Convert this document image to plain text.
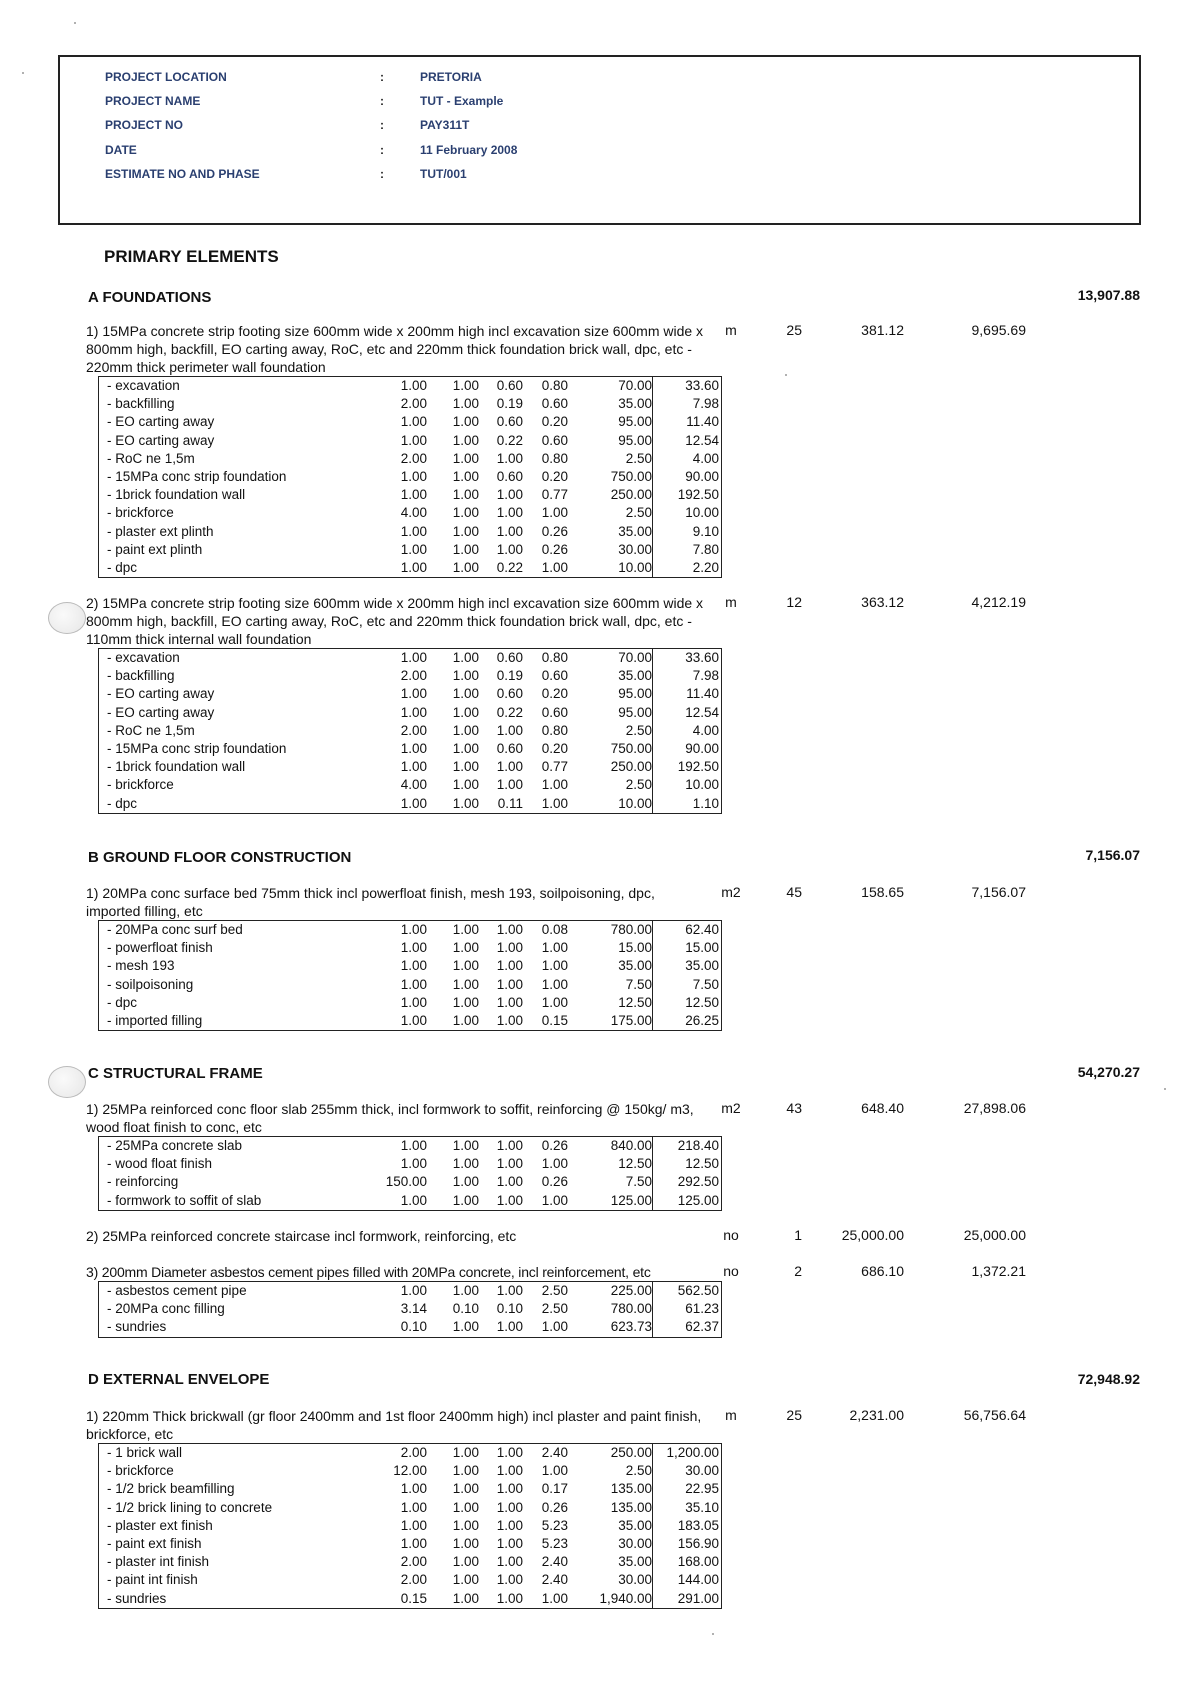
PROJECT LOCATION	:	PRETORIA
PROJECT NAME	:	TUT - Example
PROJECT NO	:	PAY311T
DATE	:	11 February 2008
ESTIMATE NO AND PHASE	:	TUT/001
PRIMARY ELEMENTS
A FOUNDATIONS	13,907.88
1) 15MPa concrete strip footing size 600mm wide x 200mm high incl excavation size 600mm wide x 800mm high, backfill, EO carting away, RoC, etc and 220mm thick foundation brick wall, dpc, etc - 220mm thick perimeter wall foundation
m	25	381.12	9,695.69
- excavation	1.00	1.00	0.60	0.80	70.00	33.60
- backfilling	2.00	1.00	0.19	0.60	35.00	7.98
- EO carting away	1.00	1.00	0.60	0.20	95.00	11.40
- EO carting away	1.00	1.00	0.22	0.60	95.00	12.54
- RoC ne 1,5m	2.00	1.00	1.00	0.80	2.50	4.00
- 15MPa conc strip foundation	1.00	1.00	0.60	0.20	750.00	90.00
- 1brick foundation wall	1.00	1.00	1.00	0.77	250.00	192.50
- brickforce	4.00	1.00	1.00	1.00	2.50	10.00
- plaster ext plinth	1.00	1.00	1.00	0.26	35.00	9.10
- paint ext plinth	1.00	1.00	1.00	0.26	30.00	7.80
- dpc	1.00	1.00	0.22	1.00	10.00	2.20
2) 15MPa concrete strip footing size 600mm wide x 200mm high incl excavation size 600mm wide x 800mm high, backfill, EO carting away, RoC, etc and 220mm thick foundation brick wall, dpc, etc - 110mm thick internal wall foundation
m	12	363.12	4,212.19
- excavation	1.00	1.00	0.60	0.80	70.00	33.60
- backfilling	2.00	1.00	0.19	0.60	35.00	7.98
- EO carting away	1.00	1.00	0.60	0.20	95.00	11.40
- EO carting away	1.00	1.00	0.22	0.60	95.00	12.54
- RoC ne 1,5m	2.00	1.00	1.00	0.80	2.50	4.00
- 15MPa conc strip foundation	1.00	1.00	0.60	0.20	750.00	90.00
- 1brick foundation wall	1.00	1.00	1.00	0.77	250.00	192.50
- brickforce	4.00	1.00	1.00	1.00	2.50	10.00
- dpc	1.00	1.00	0.11	1.00	10.00	1.10
B GROUND FLOOR CONSTRUCTION	7,156.07
1) 20MPa conc surface bed 75mm thick incl powerfloat finish, mesh 193, soilpoisoning, dpc, imported filling, etc
m2	45	158.65	7,156.07
- 20MPa conc surf bed	1.00	1.00	1.00	0.08	780.00	62.40
- powerfloat finish	1.00	1.00	1.00	1.00	15.00	15.00
- mesh 193	1.00	1.00	1.00	1.00	35.00	35.00
- soilpoisoning	1.00	1.00	1.00	1.00	7.50	7.50
- dpc	1.00	1.00	1.00	1.00	12.50	12.50
- imported filling	1.00	1.00	1.00	0.15	175.00	26.25
C STRUCTURAL FRAME	54,270.27
1) 25MPa reinforced conc floor slab 255mm thick, incl formwork to soffit, reinforcing @ 150kg/ m3, wood float finish to conc, etc
m2	43	648.40	27,898.06
- 25MPa concrete slab	1.00	1.00	1.00	0.26	840.00	218.40
- wood float finish	1.00	1.00	1.00	1.00	12.50	12.50
- reinforcing	150.00	1.00	1.00	0.26	7.50	292.50
- formwork to soffit of slab	1.00	1.00	1.00	1.00	125.00	125.00
2) 25MPa reinforced concrete staircase incl formwork, reinforcing, etc	no	1	25,000.00	25,000.00
3) 200mm Diameter asbestos cement pipes filled with 20MPa concrete, incl reinforcement, etc	no	2	686.10	1,372.21
- asbestos cement pipe	1.00	1.00	1.00	2.50	225.00	562.50
- 20MPa conc filling	3.14	0.10	0.10	2.50	780.00	61.23
- sundries	0.10	1.00	1.00	1.00	623.73	62.37
D EXTERNAL ENVELOPE	72,948.92
1) 220mm Thick brickwall (gr floor 2400mm and 1st floor 2400mm high) incl plaster and paint finish, brickforce, etc
m	25	2,231.00	56,756.64
- 1 brick wall	2.00	1.00	1.00	2.40	250.00	1,200.00
- brickforce	12.00	1.00	1.00	1.00	2.50	30.00
- 1/2 brick beamfilling	1.00	1.00	1.00	0.17	135.00	22.95
- 1/2 brick lining to concrete	1.00	1.00	1.00	0.26	135.00	35.10
- plaster ext finish	1.00	1.00	1.00	5.23	35.00	183.05
- paint ext finish	1.00	1.00	1.00	5.23	30.00	156.90
- plaster int finish	2.00	1.00	1.00	2.40	35.00	168.00
- paint int finish	2.00	1.00	1.00	2.40	30.00	144.00
- sundries	0.15	1.00	1.00	1.00	1,940.00	291.00
